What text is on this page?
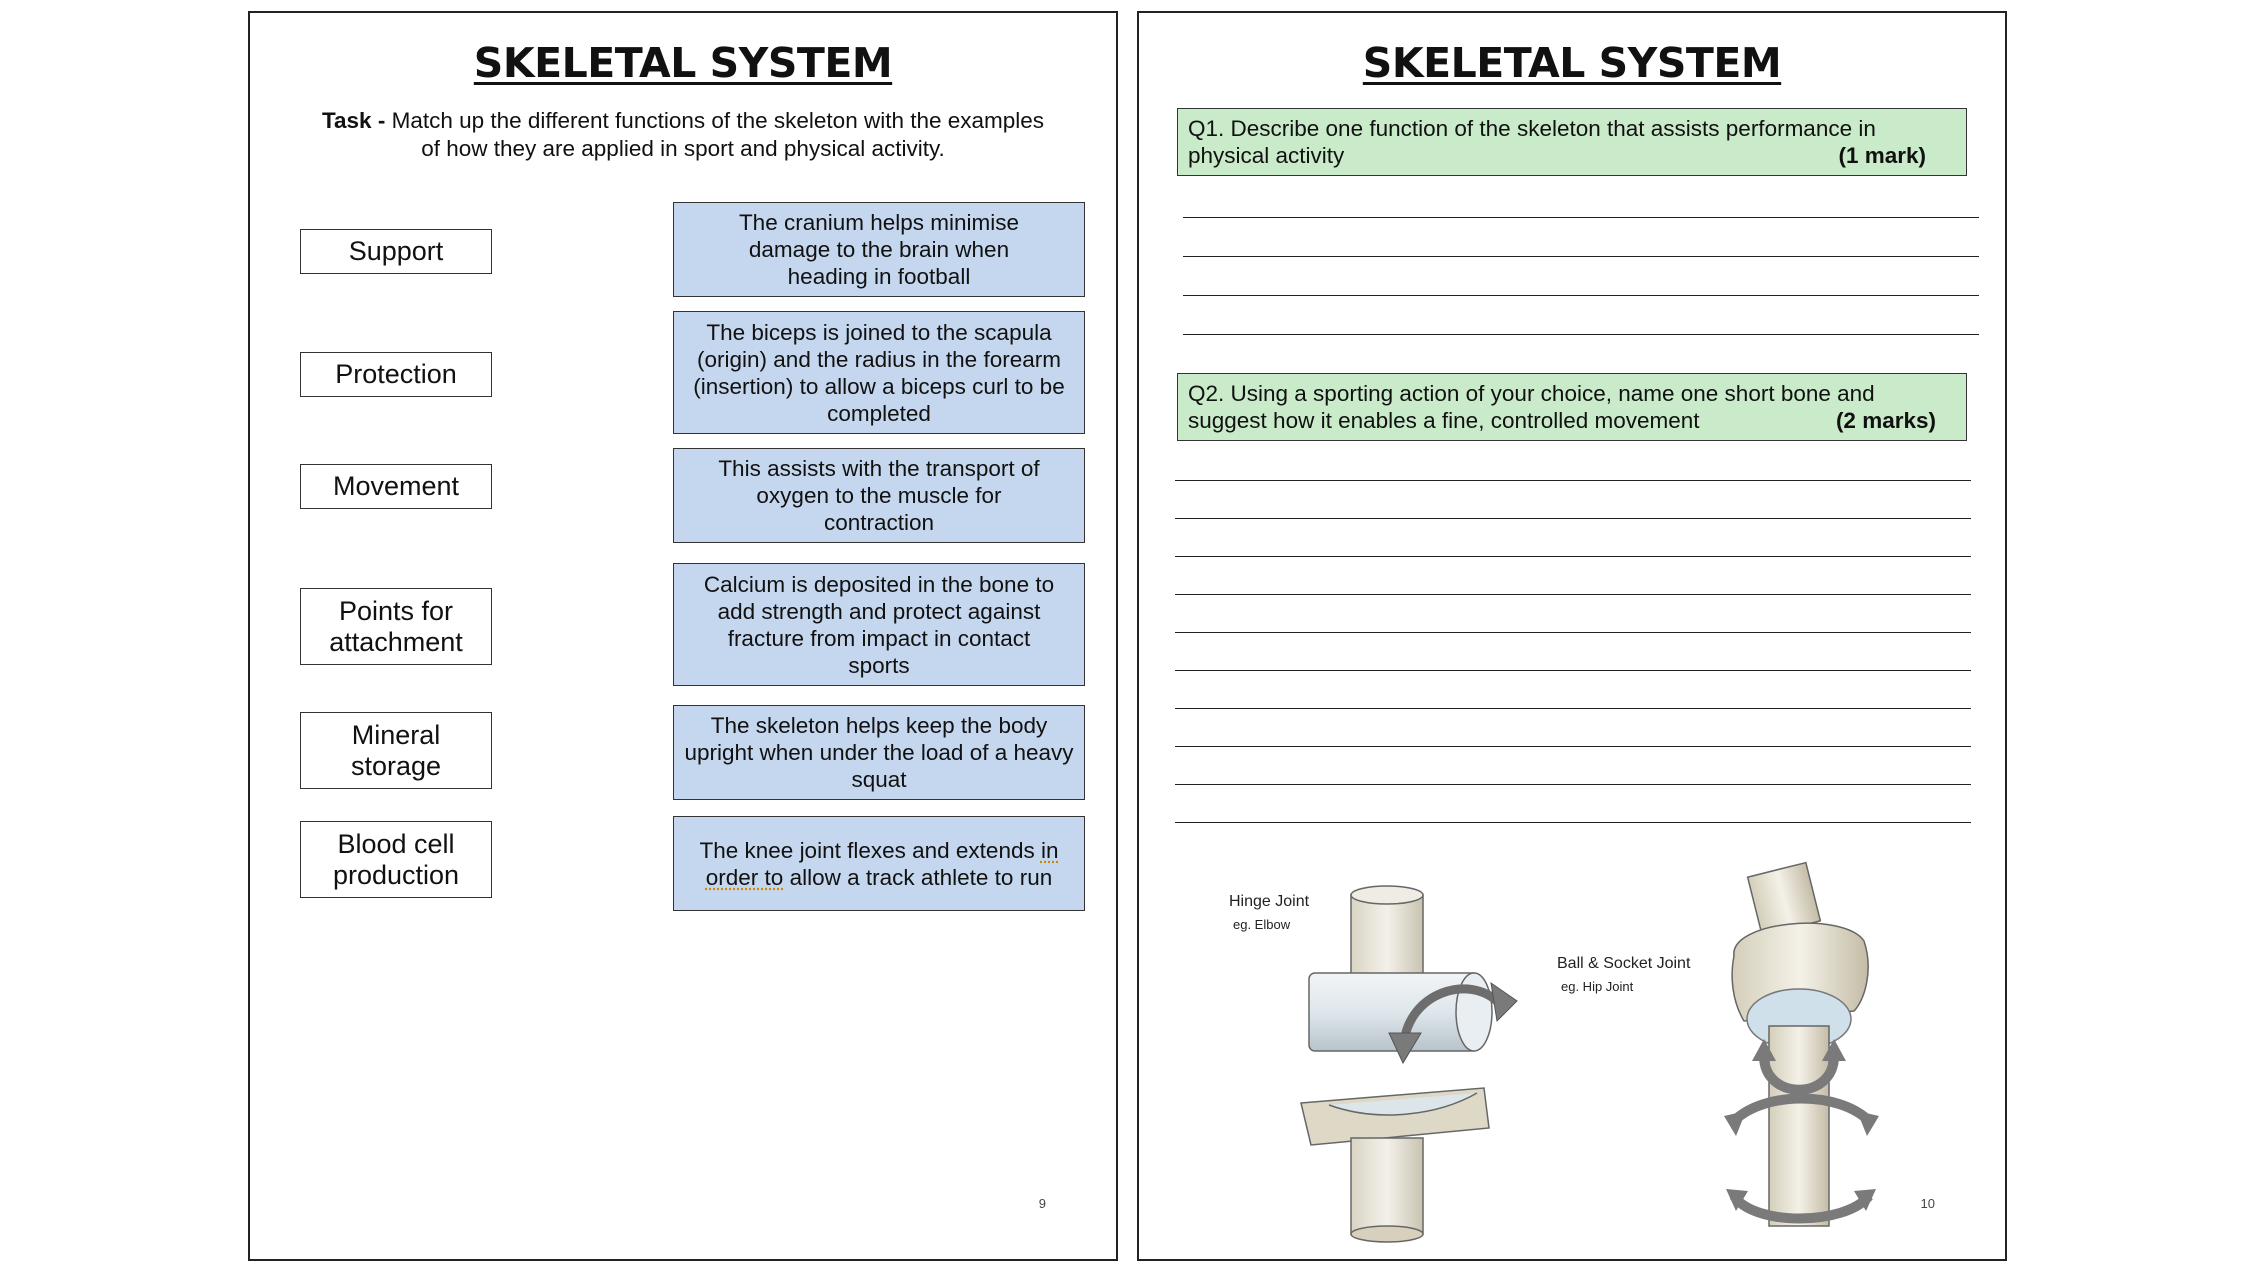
SKELETAL SYSTEM
Task - Match up the different functions of the skeleton with the examples
of how they are applied in sport and physical activity.
Support
Protection
Movement
Points for attachment
Mineral storage
Blood cell production
The cranium helps minimise damage to the brain when heading in football
The biceps is joined to the scapula (origin) and the radius in the forearm (insertion) to allow a biceps curl to be completed
This assists with the transport of oxygen to the muscle for contraction
Calcium is deposited in the bone to add strength and protect against fracture from impact in contact sports
The skeleton helps keep the body upright when under the load of a heavy squat
The knee joint flexes and extends in order to allow a track athlete to run
9
SKELETAL SYSTEM
Q1. Describe one function of the skeleton that assists performance in
physical activity	(1 mark)
Q2. Using a sporting action of your choice, name one short bone and
suggest how it enables a fine, controlled movement	(2 marks)
Hinge Joint
eg. Elbow
Ball & Socket Joint
eg. Hip Joint
10
